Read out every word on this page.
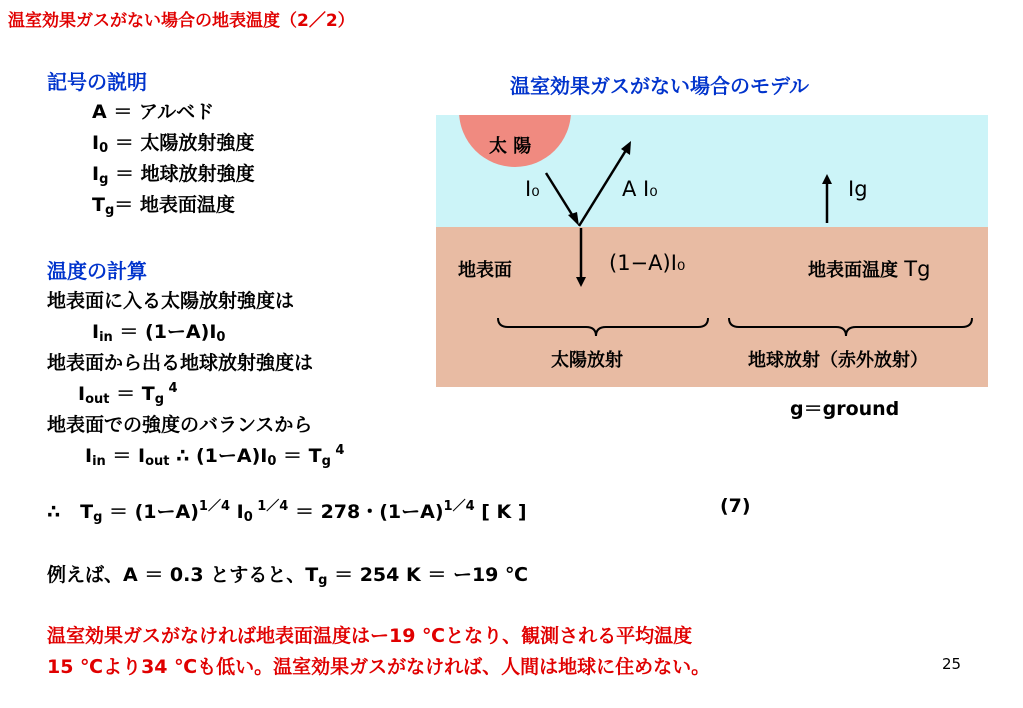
温室効果ガスがない場合の地表温度（2／2）
記号の説明
A ＝ アルベド
$I_0$ ＝ 太陽放射強度
$I_g$ ＝ 地球放射強度
$T_g=$ 地表面温度
温度の計算
地表面に入る太陽放射強度は
$I_{in} = (1$ー$A)I_0$
地表面から出る地球放射強度は
$I_{out} = T_g$ $^4$
地表面での強度のバランスから
$I_{in} = I_{out}$ ∴ (1ー$A)I_0 = T_g$ $^4$
∴ $T_g = (1$ーA)$^{1/4}$ $I_0$ $^{1/4}$ ＝ 278・(1ーA)$^{1/4}$ [ K ]	(7)
例えば、A ＝ 0.3 とすると、$T_g = 254$ K ＝ ー19 ℃
温室効果ガスがなければ地表面温度はー19 ℃となり、観測される平均温度
15 ℃より34 ℃も低い。温室効果ガスがなければ、人間は地球に住めない。	25
温室効果ガスがない場合のモデル
太 陽
I₀	A I₀	Ig
地表面	(1−A)I₀	地表面温度 Tg
太陽放射	地球放射（赤外放射）
g＝ground
